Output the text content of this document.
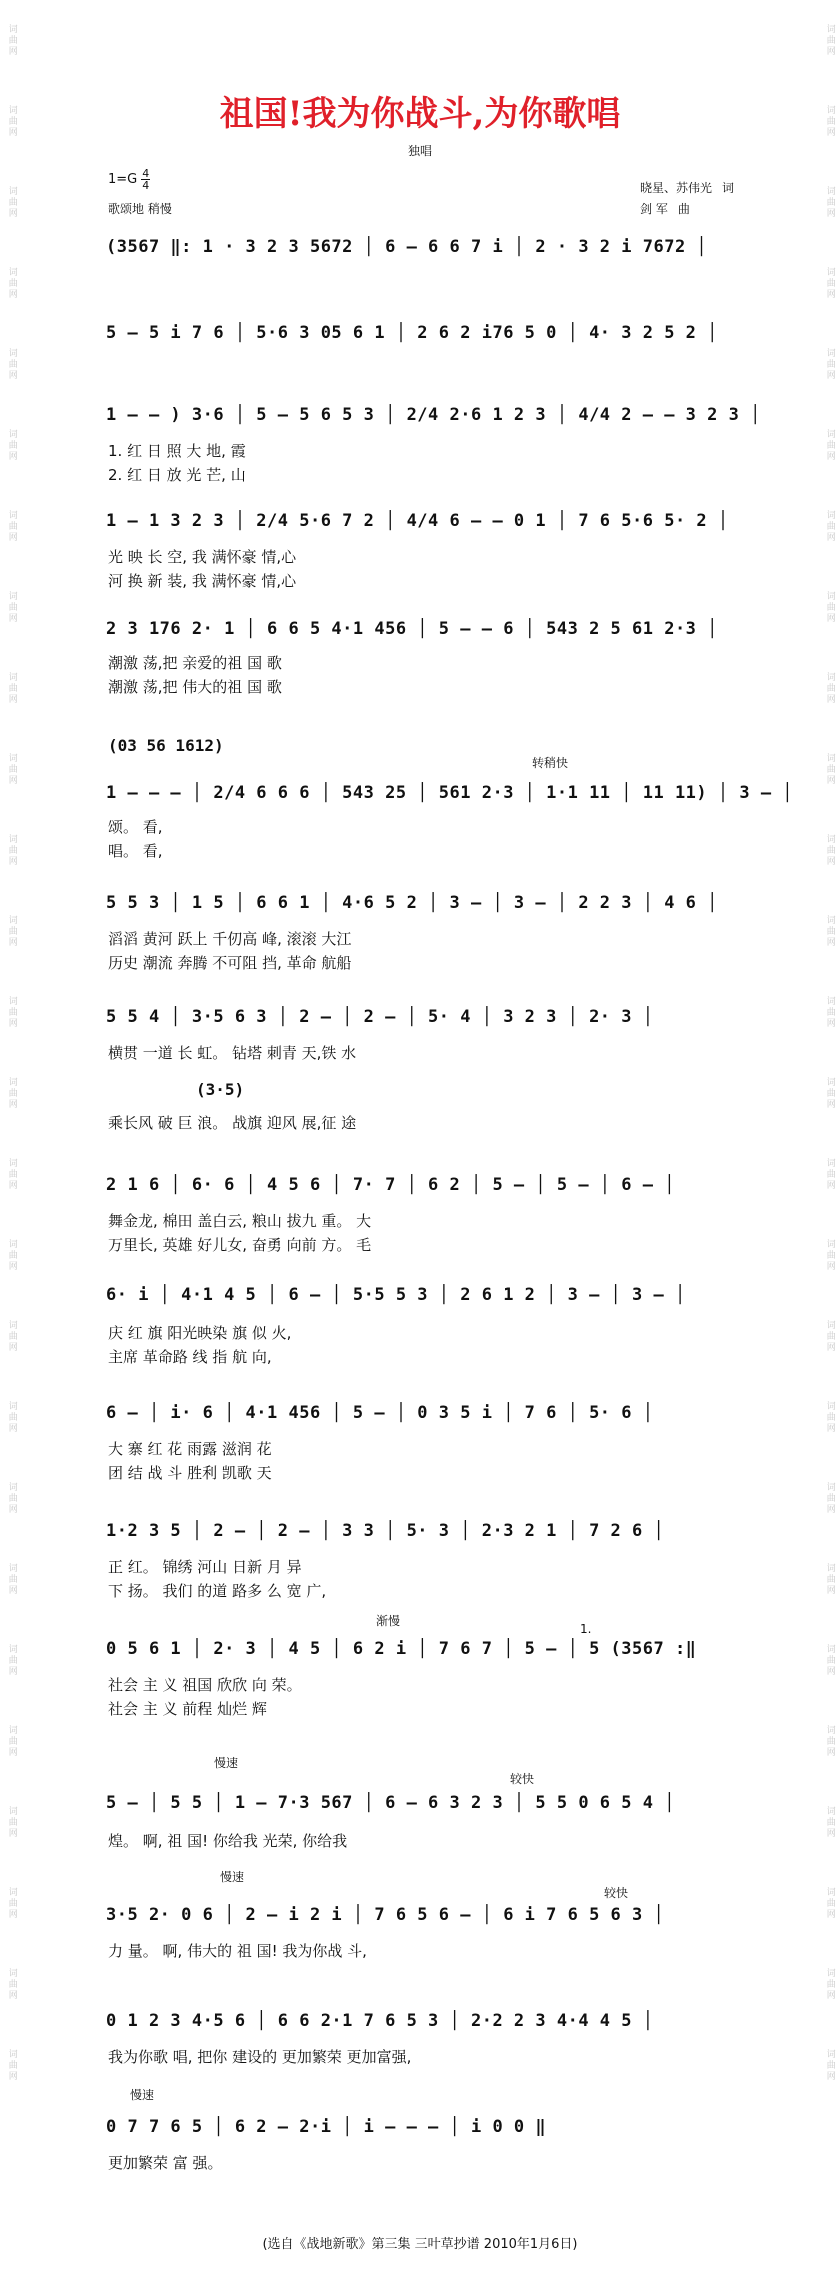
词曲网
词曲网
词曲网
词曲网
词曲网
词曲网
词曲网
词曲网
词曲网
词曲网
词曲网
词曲网
词曲网
词曲网
词曲网
词曲网
词曲网
词曲网
词曲网
词曲网
词曲网
词曲网
词曲网
词曲网
词曲网
词曲网
词曲网
词曲网
词曲网
词曲网
词曲网
词曲网
词曲网
词曲网
词曲网
词曲网
词曲网
词曲网
词曲网
词曲网
词曲网
词曲网
词曲网
词曲网
词曲网
词曲网
词曲网
词曲网
词曲网
词曲网
词曲网
词曲网
祖国!我为你战斗,为你歌唱
独唱
$1=G \frac{4}{4}$
歌颂地 稍慢
晓星、苏伟光 词
剑 军 曲
(3567 ‖: 1 · 3 2 3 5672 │ 6 – 6 6 7 i │ 2 · 3 2 i 7672 │
5 – 5 i 7 6 │ 5·6 3 05 6 1 │ 2 6 2 i76 5 0 │ 4· 3 2 5 2 │
1 – – ) 3·6 │ 5 – 5 6 5 3 │ 2/4 2·6 1 2 3 │ 4/4 2 – – 3 2 3 │
1. 红 日 照 大 地, 霞
2. 红 日 放 光 芒, 山
1 – 1 3 2 3 │ 2/4 5·6 7 2 │ 4/4 6 – – 0 1 │ 7 6 5·6 5· 2 │
光 映 长 空, 我 满怀豪 情,心
河 换 新 装, 我 满怀豪 情,心
2 3 176 2· 1 │ 6 6 5 4·1 456 │ 5 – – 6 │ 543 2 5 61 2·3 │
潮激 荡,把 亲爱的祖 国 歌
潮激 荡,把 伟大的祖 国 歌
(03 56 1612)
转稍快
1 – – – │ 2/4 6 6 6 │ 543 25 │ 561 2·3 │ 1·1 11 │ 11 11) │ 3 – │
颂。 看,
唱。 看,
5 5 3 │ 1 5 │ 6 6 1 │ 4·6 5 2 │ 3 – │ 3 – │ 2 2 3 │ 4 6 │
滔滔 黄河 跃上 千仞高 峰, 滚滚 大江
历史 潮流 奔腾 不可阻 挡, 革命 航船
5 5 4 │ 3·5 6 3 │ 2 – │ 2 – │ 5· 4 │ 3 2 3 │ 2· 3 │
横贯 一道 长 虹。 钻塔 刺青 天,铁 水
(3·5)
乘长风 破 巨 浪。 战旗 迎风 展,征 途
2 1 6 │ 6· 6 │ 4 5 6 │ 7· 7 │ 6 2 │ 5 – │ 5 – │ 6 – │
舞金龙, 棉田 盖白云, 粮山 拔九 重。 大
万里长, 英雄 好儿女, 奋勇 向前 方。 毛
6· i │ 4·1 4 5 │ 6 – │ 5·5 5 3 │ 2 6 1 2 │ 3 – │ 3 – │
庆 红 旗 阳光映染 旗 似 火,
主席 革命路 线 指 航 向,
6 – │ i· 6 │ 4·1 456 │ 5 – │ 0 3 5 i │ 7 6 │ 5· 6 │
大 寨 红 花 雨露 滋润 花
团 结 战 斗 胜利 凯歌 天
1·2 3 5 │ 2 – │ 2 – │ 3 3 │ 5· 3 │ 2·3 2 1 │ 7 2 6 │
正 红。 锦绣 河山 日新 月 异
下 扬。 我们 的道 路多 么 宽 广,
渐慢
1.
0 5 6 1 │ 2· 3 │ 4 5 │ 6 2 i │ 7 6 7 │ 5 – │ 5 (3567 :‖
社会 主 义 祖国 欣欣 向 荣。
社会 主 义 前程 灿烂 辉
慢速
较快
5 – │ 5 5 │ 1 – 7·3 567 │ 6 – 6 3 2 3 │ 5 5 0 6 5 4 │
煌。 啊, 祖 国! 你给我 光荣, 你给我
慢速
较快
3·5 2· 0 6 │ 2 – i 2 i │ 7 6 5 6 – │ 6 i 7 6 5 6 3 │
力 量。 啊, 伟大的 祖 国! 我为你战 斗,
0 1 2 3 4·5 6 │ 6 6 2·1 7 6 5 3 │ 2·2 2 3 4·4 4 5 │
我为你歌 唱, 把你 建设的 更加繁荣 更加富强,
慢速
0 7 7 6 5 │ 6 2 – 2·i │ i – – – │ i 0 0 ‖
更加繁荣 富 强。
(选自《战地新歌》第三集 三叶草抄谱 2010年1月6日)
